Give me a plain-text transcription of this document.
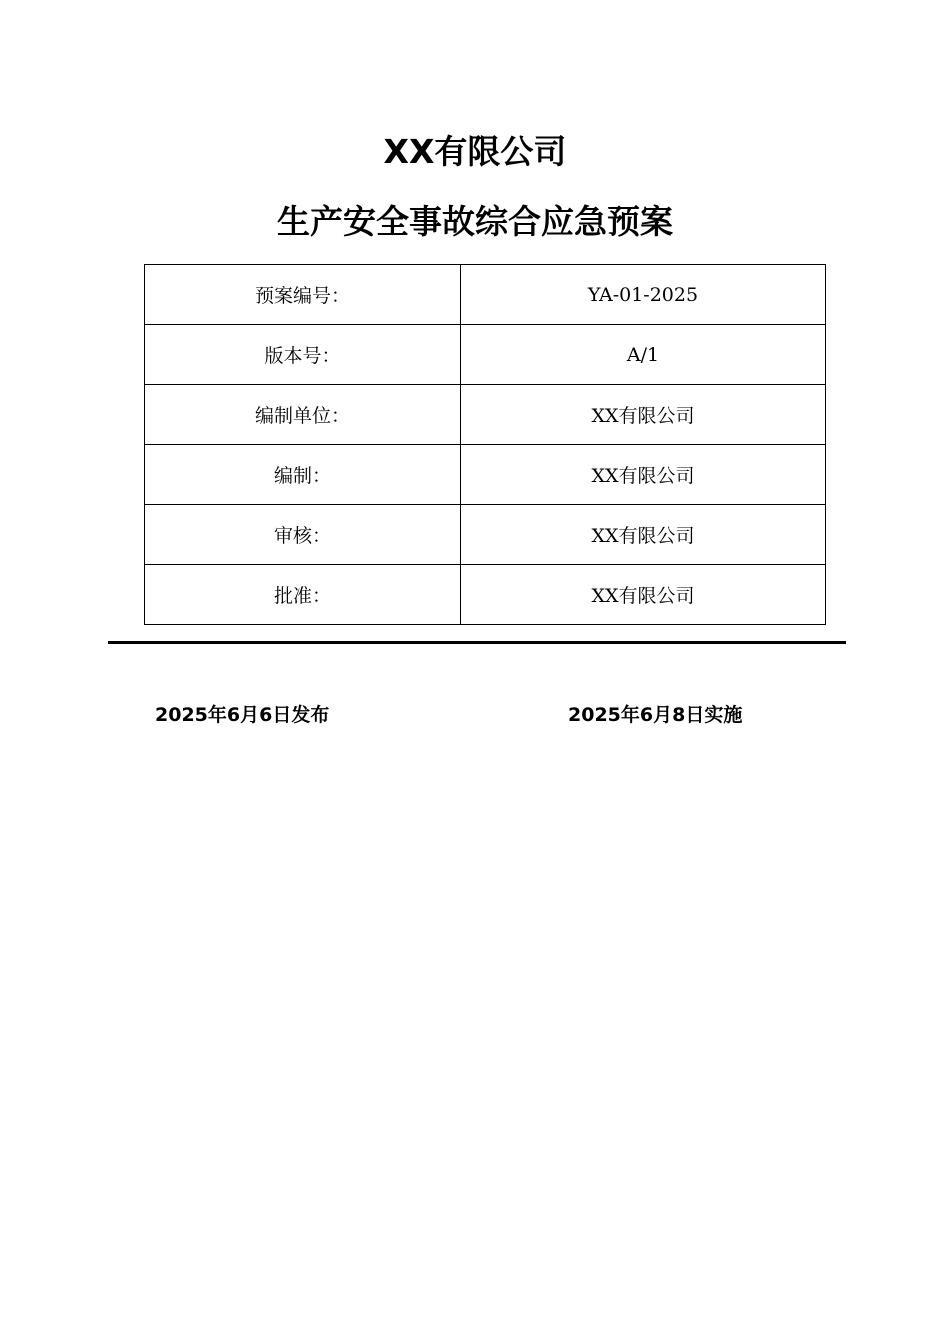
XX有限公司
生产安全事故综合应急预案
预案编号：	YA-01-2025
版本号：	A/1
编制单位：	XX有限公司
编制：	XX有限公司
审核：	XX有限公司
批准：	XX有限公司
2025年6月6日发布	2025年6月8日实施
